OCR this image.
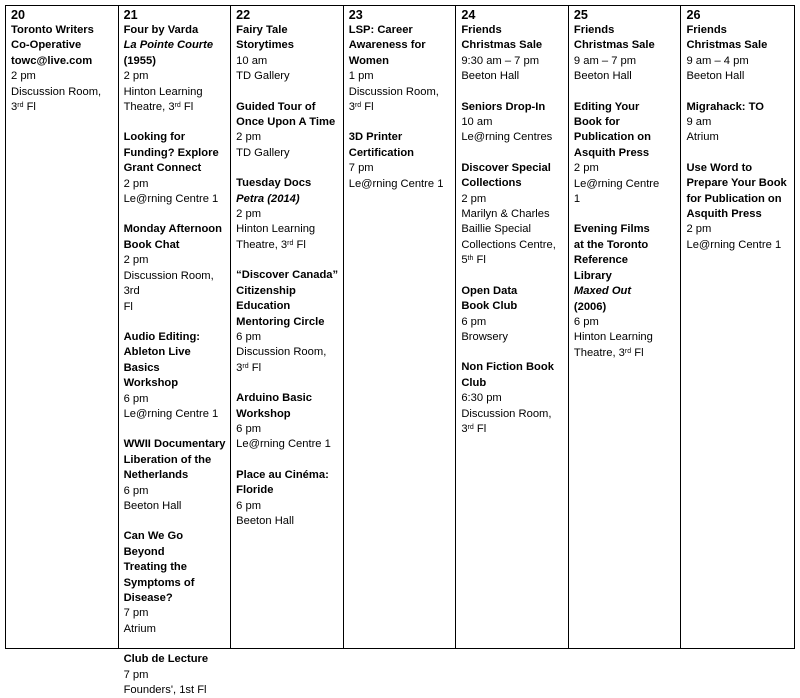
20
Toronto Writers Co-Operative
towc@live.com
2 pm
Discussion Room,
3rd Fl
21
Four by Varda
La Pointe Courte
(1955)
2 pm
Hinton Learning
Theatre, 3rd Fl
Looking for
Funding? Explore
Grant Connect
2 pm
Le@rning Centre 1
Monday Afternoon
Book Chat
2 pm
Discussion Room, 3rd
Fl
Audio Editing:
Ableton Live Basics
Workshop
6 pm
Le@rning Centre 1
WWII Documentary
Liberation of the
Netherlands
6 pm
Beeton Hall
Can We Go Beyond
Treating the
Symptoms of
Disease?
7 pm
Atrium
Club de Lecture
7 pm
Founders', 1st Fl
22
Fairy Tale
Storytimes
10 am
TD Gallery
Guided Tour of
Once Upon A Time
2 pm
TD Gallery
Tuesday Docs
Petra (2014)
2 pm
Hinton Learning
Theatre, 3rd Fl
“Discover Canada”
Citizenship
Education
Mentoring Circle
6 pm
Discussion Room,
3rd Fl
Arduino Basic
Workshop
6 pm
Le@rning Centre 1
Place au Cinéma:
Floride
6 pm
Beeton Hall
23
LSP: Career
Awareness for
Women
1 pm
Discussion Room,
3rd Fl
3D Printer
Certification
7 pm
Le@rning Centre 1
24
Friends
Christmas Sale
9:30 am – 7 pm
Beeton Hall
Seniors Drop-In
10 am
Le@rning Centres
Discover Special
Collections
2 pm
Marilyn & Charles
Baillie Special
Collections Centre,
5th Fl
Open Data
Book Club
6 pm
Browsery
Non Fiction Book
Club
6:30 pm
Discussion Room,
3rd Fl
25
Friends
Christmas Sale
9 am – 7 pm
Beeton Hall
Editing Your
Book for
Publication on
Asquith Press
2 pm
Le@rning Centre
1
Evening Films
at the Toronto
Reference
Library
Maxed Out
(2006)
6 pm
Hinton Learning
Theatre, 3rd Fl
26
Friends
Christmas Sale
9 am – 4 pm
Beeton Hall
Migrahack: TO
9 am
Atrium
Use Word to
Prepare Your Book
for Publication on
Asquith Press
2 pm
Le@rning Centre 1
